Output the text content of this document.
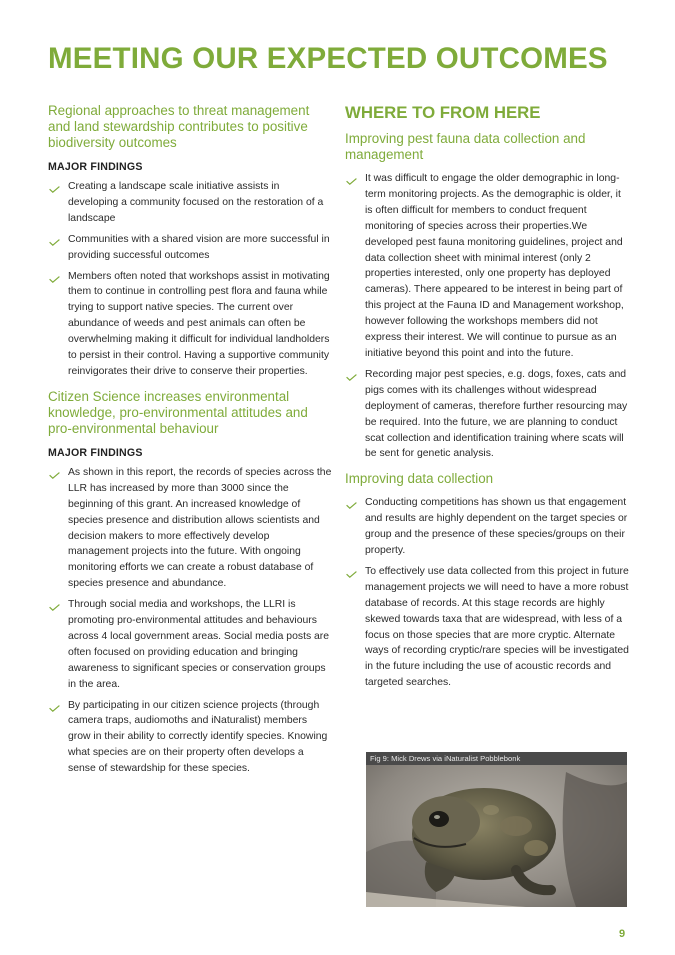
MEETING OUR EXPECTED OUTCOMES
Regional approaches to threat management and land stewardship contributes to positive biodiversity outcomes
MAJOR FINDINGS
Creating a landscape scale initiative assists in developing a community focused on the restoration of a landscape
Communities with a shared vision are more successful in providing successful outcomes
Members often noted that workshops assist in motivating them to continue in controlling pest flora and fauna while trying to support native species. The current over abundance of weeds and pest animals can often be overwhelming making it difficult for individual landholders to persist in their control. Having a supportive community reinvigorates their drive to conserve their properties.
Citizen Science increases environmental knowledge, pro-environmental attitudes and pro-environmental behaviour
MAJOR FINDINGS
As shown in this report, the records of species across the LLR has increased by more than 3000 since the beginning of this grant. An increased knowledge of species presence and distribution allows scientists and decision makers to more effectively develop management projects into the future. With ongoing monitoring efforts we can create a robust database of species presence and abundance.
Through social media and workshops, the LLRI is promoting pro-environmental attitudes and behaviours across 4 local government areas. Social media posts are often focused on providing education and bringing awareness to significant species or conservation groups in the area.
By participating in our citizen science projects (through camera traps, audiomoths and iNaturalist) members grow in their ability to correctly identify species. Knowing what species are on their property often develops a sense of stewardship for these species.
WHERE TO FROM HERE
Improving pest fauna data collection and management
It was difficult to engage the older demographic in long-term monitoring projects. As the demographic is older, it is often difficult for members to conduct frequent monitoring of species across their properties.We developed pest fauna monitoring guidelines, project and data collection sheet with minimal interest (only 2 properties interested, only one property has deployed cameras). There appeared to be interest in being part of this project at the Fauna ID and Management workshop, however following the workshops members did not express their interest. We will continue to pursue as an initiative beyond this point and into the future.
Recording major pest species, e.g. dogs, foxes, cats and pigs comes with its challenges without widespread deployment of cameras, therefore further resourcing may be required. Into the future, we are planning to conduct scat collection and identification training where scats will be sent for genetic analysis.
Improving data collection
Conducting competitions has shown us that engagement and results are highly dependent on the target species or group and the presence of these species/groups on their property.
To effectively use data collected from this project in future management projects we will need to have a more robust database of records. At this stage records are highly skewed towards taxa that are widespread, with less of a focus on those species that are more cryptic. Alternate ways of recording cryptic/rare species will be investigated in the future including the use of acoustic records and targeted searches.
Fig 9: Mick Drews via iNaturalist Pobblebonk
9
